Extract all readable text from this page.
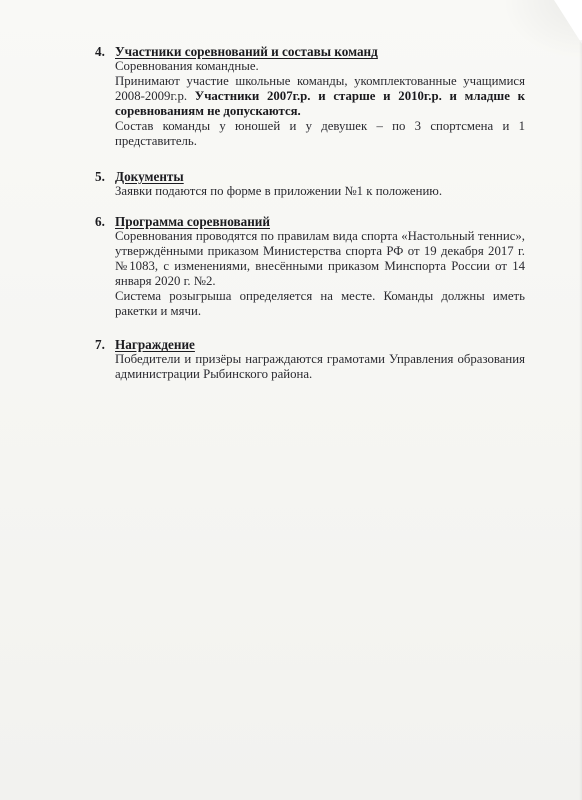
4. Участники соревнований и составы команд

Соревнования командные.

Принимают участие школьные команды, укомплектованные учащимися 2008-2009г.р. Участники 2007г.р. и старше и 2010г.р. и младше к соревнованиям не допускаются.

Состав команды у юношей и у девушек – по 3 спортсмена и 1 представитель.

5. Документы

Заявки подаются по форме в приложении №1 к положению.

6. Программа соревнований

Соревнования проводятся по правилам вида спорта «Настольный теннис», утверждёнными приказом Министерства спорта РФ от 19 декабря 2017 г. №1083, с изменениями, внесёнными приказом Минспорта России от 14 января 2020 г. №2.

Система розыгрыша определяется на месте. Команды должны иметь ракетки и мячи.

7. Награждение

Победители и призёры награждаются грамотами Управления образования администрации Рыбинского района.
